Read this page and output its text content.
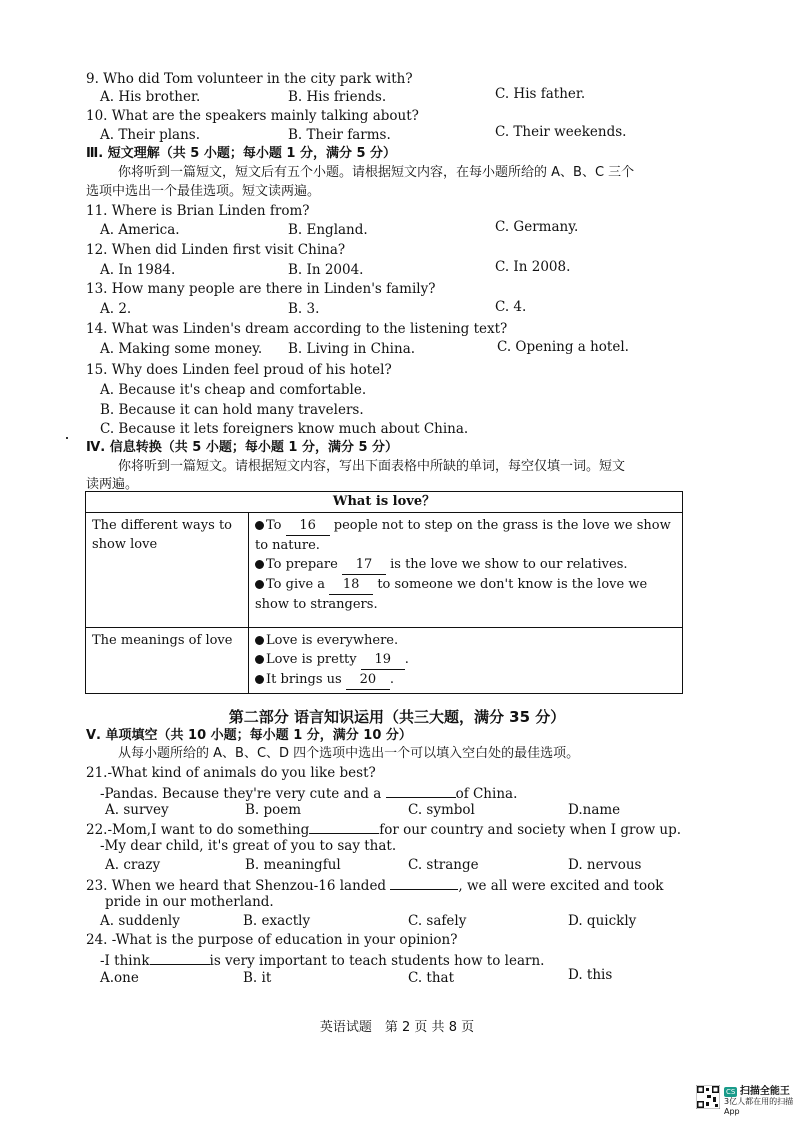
9. Who did Tom volunteer in the city park with?
A. His brother.	B. His friends.	C. His father.
10. What are the speakers mainly talking about?
A. Their plans.	B. Their farms.	C. Their weekends.
Ⅲ. 短文理解（共 5 小题；每小题 1 分，满分 5 分）
你将听到一篇短文，短文后有五个小题。请根据短文内容，在每小题所给的 A、B、C 三个
选项中选出一个最佳选项。短文读两遍。
11. Where is Brian Linden from?
A. America.	B. England.	C. Germany.
12. When did Linden first visit China?
A. In 1984.	B. In 2004.	C. In 2008.
13. How many people are there in Linden's family?
A. 2.	B. 3.	C. 4.
14. What was Linden's dream according to the listening text?
A. Making some money. B. Living in China.	C. Opening a hotel.
15. Why does Linden feel proud of his hotel?
A. Because it's cheap and comfortable.
B. Because it can hold many travelers.
C. Because it lets foreigners know much about China.
Ⅳ. 信息转换（共 5 小题；每小题 1 分，满分 5 分）
你将听到一篇短文。请根据短文内容，写出下面表格中所缺的单词，每空仅填一词。短文
读两遍。
What is love？	
The different ways to show love	To 16 people not to step on the grass is the love we show
to nature.
To prepare 17 is the love we show to our relatives.
To give a 18 to someone we don't know is the love we
show to strangers.

The meanings of love	Love is everywhere.
Love is pretty 19 .
It brings us 20 .
第二部分 语言知识运用（共三大题，满分 35 分）
Ⅴ. 单项填空（共 10 小题；每小题 1 分，满分 10 分）
从每小题所给的 A、B、C、D 四个选项中选出一个可以填入空白处的最佳选项。
21.-What kind of animals do you like best?
-Pandas. Because they're very cute and a	of China.
A. survey	B. poem	C. symbol	D.name
22.-Mom,I want to do something	for our country and society when I grow up.
-My dear child, it's great of you to say that.
A. crazy	B. meaningful	C. strange	D. nervous
23. When we heard that Shenzou-16 landed	, we all were excited and took
pride in our motherland.
A. suddenly	B. exactly	C. safely	D. quickly
24. -What is the purpose of education in your opinion?
-I think	is very important to teach students how to learn.
A.one	B. it	C. that	D. this
英语试题　第 2 页 共 8 页
CS 扫描全能王
3亿人都在用的扫描App
